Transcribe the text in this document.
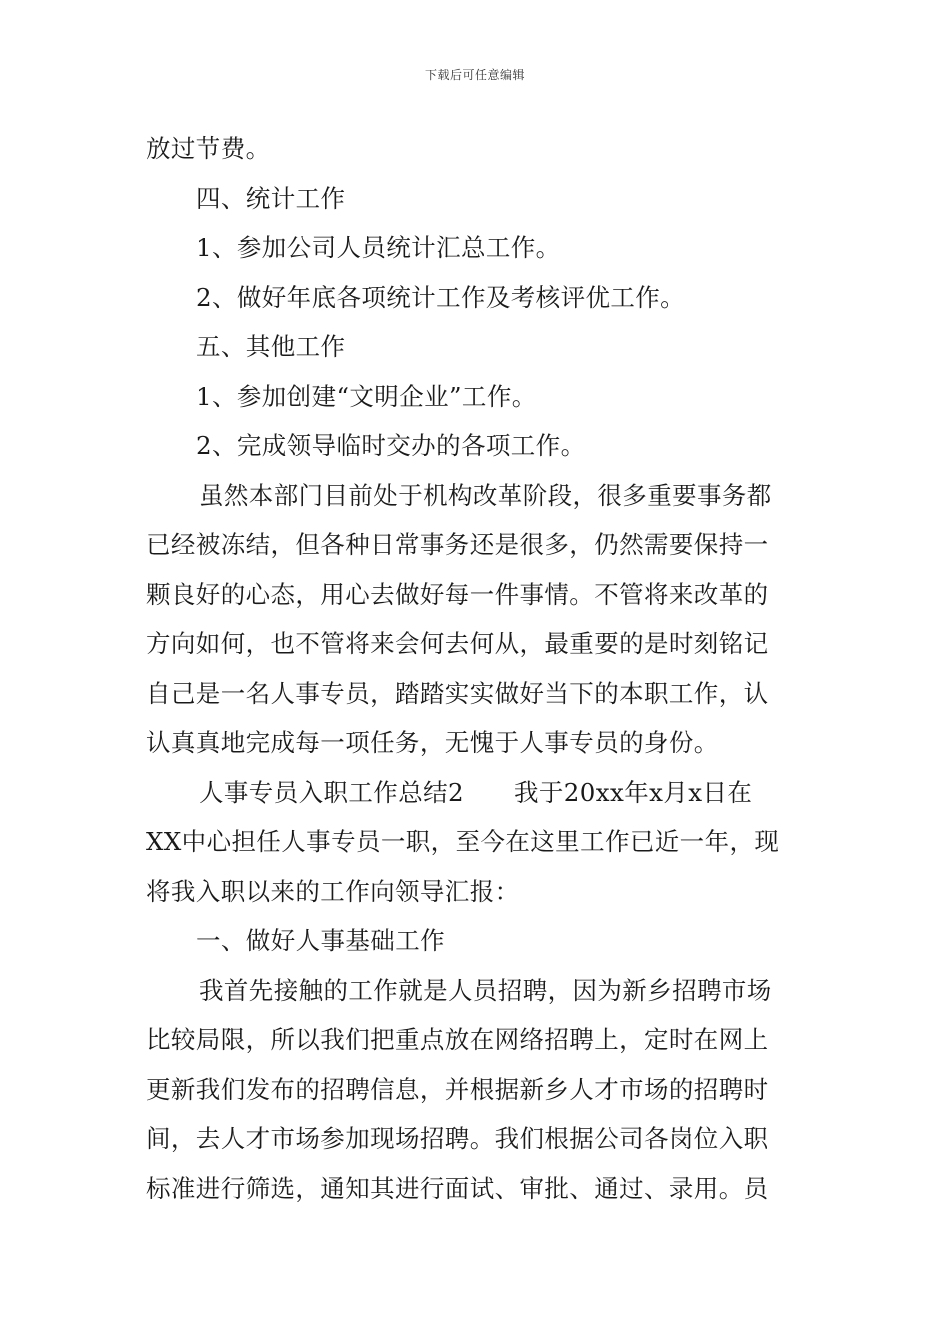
下载后可任意编辑
放过节费。
四、统计工作
1、参加公司人员统计汇总工作。
2、做好年底各项统计工作及考核评优工作。
五、其他工作
1、参加创建“文明企业”工作。
2、完成领导临时交办的各项工作。
虽然本部门目前处于机构改革阶段，很多重要事务都
已经被冻结，但各种日常事务还是很多，仍然需要保持一
颗良好的心态，用心去做好每一件事情。不管将来改革的
方向如何，也不管将来会何去何从，最重要的是时刻铭记
自己是一名人事专员，踏踏实实做好当下的本职工作，认
认真真地完成每一项任务，无愧于人事专员的身份。
人事专员入职工作总结2 我于20xx年x月x日在
XX中心担任人事专员一职，至今在这里工作已近一年，现
将我入职以来的工作向领导汇报：
一、做好人事基础工作
我首先接触的工作就是人员招聘，因为新乡招聘市场
比较局限，所以我们把重点放在网络招聘上，定时在网上
更新我们发布的招聘信息，并根据新乡人才市场的招聘时
间，去人才市场参加现场招聘。我们根据公司各岗位入职
标准进行筛选，通知其进行面试、审批、通过、录用。员
